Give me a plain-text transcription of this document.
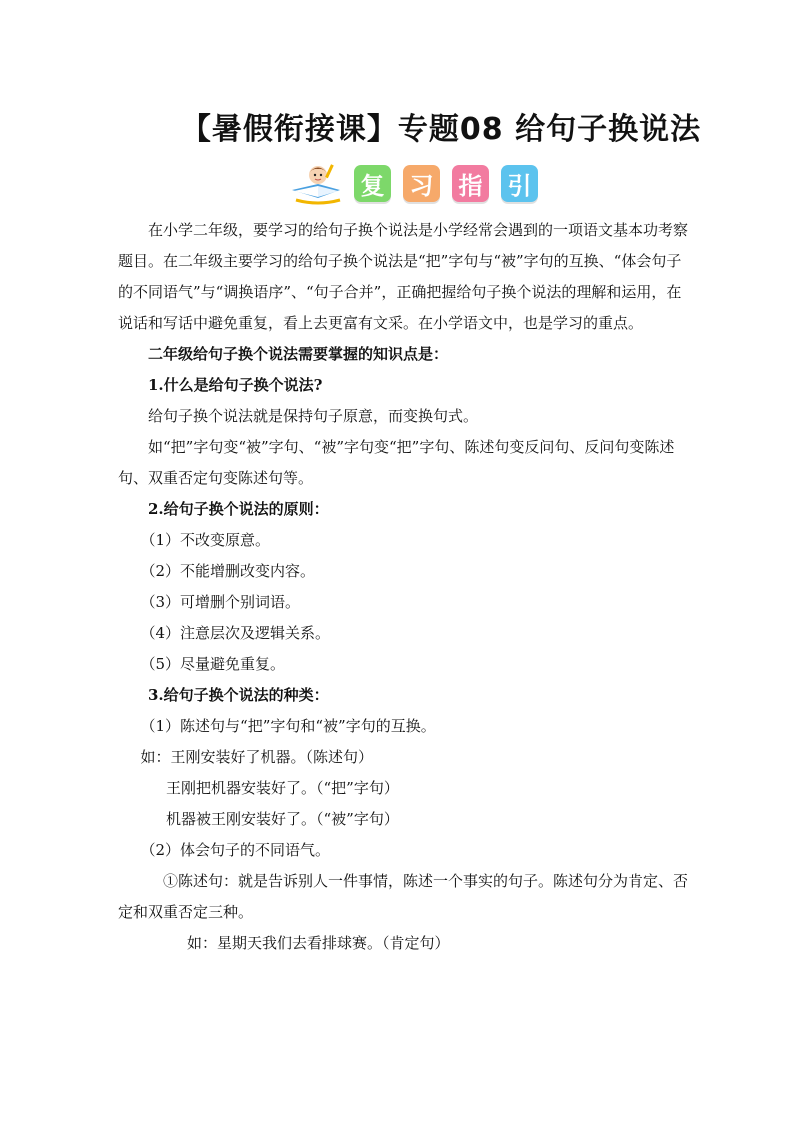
【暑假衔接课】专题08 给句子换说法
复 习 指 引

在小学二年级，要学习的给句子换个说法是小学经常会遇到的一项语文基本功考察题目。在二年级主要学习的给句子换个说法是“把”字句与“被”字句的互换、“体会句子的不同语气”与“调换语序”、“句子合并”，正确把握给句子换个说法的理解和运用，在说话和写话中避免重复，看上去更富有文采。在小学语文中，也是学习的重点。

二年级给句子换个说法需要掌握的知识点是：

1.什么是给句子换个说法?

给句子换个说法就是保持句子原意，而变换句式。

如“把”字句变“被”字句、“被”字句变“把”字句、陈述句变反问句、反问句变陈述句、双重否定句变陈述句等。

2.给句子换个说法的原则：

（1）不改变原意。

（2）不能增删改变内容。

（3）可增删个别词语。

（4）注意层次及逻辑关系。

（5）尽量避免重复。

3.给句子换个说法的种类：

（1）陈述句与“把”字句和“被”字句的互换。

如：王刚安装好了机器。（陈述句）

王刚把机器安装好了。（“把”字句）

机器被王刚安装好了。（“被”字句）

（2）体会句子的不同语气。

①陈述句：就是告诉别人一件事情，陈述一个事实的句子。陈述句分为肯定、否定和双重否定三种。

如：星期天我们去看排球赛。（肯定句）
